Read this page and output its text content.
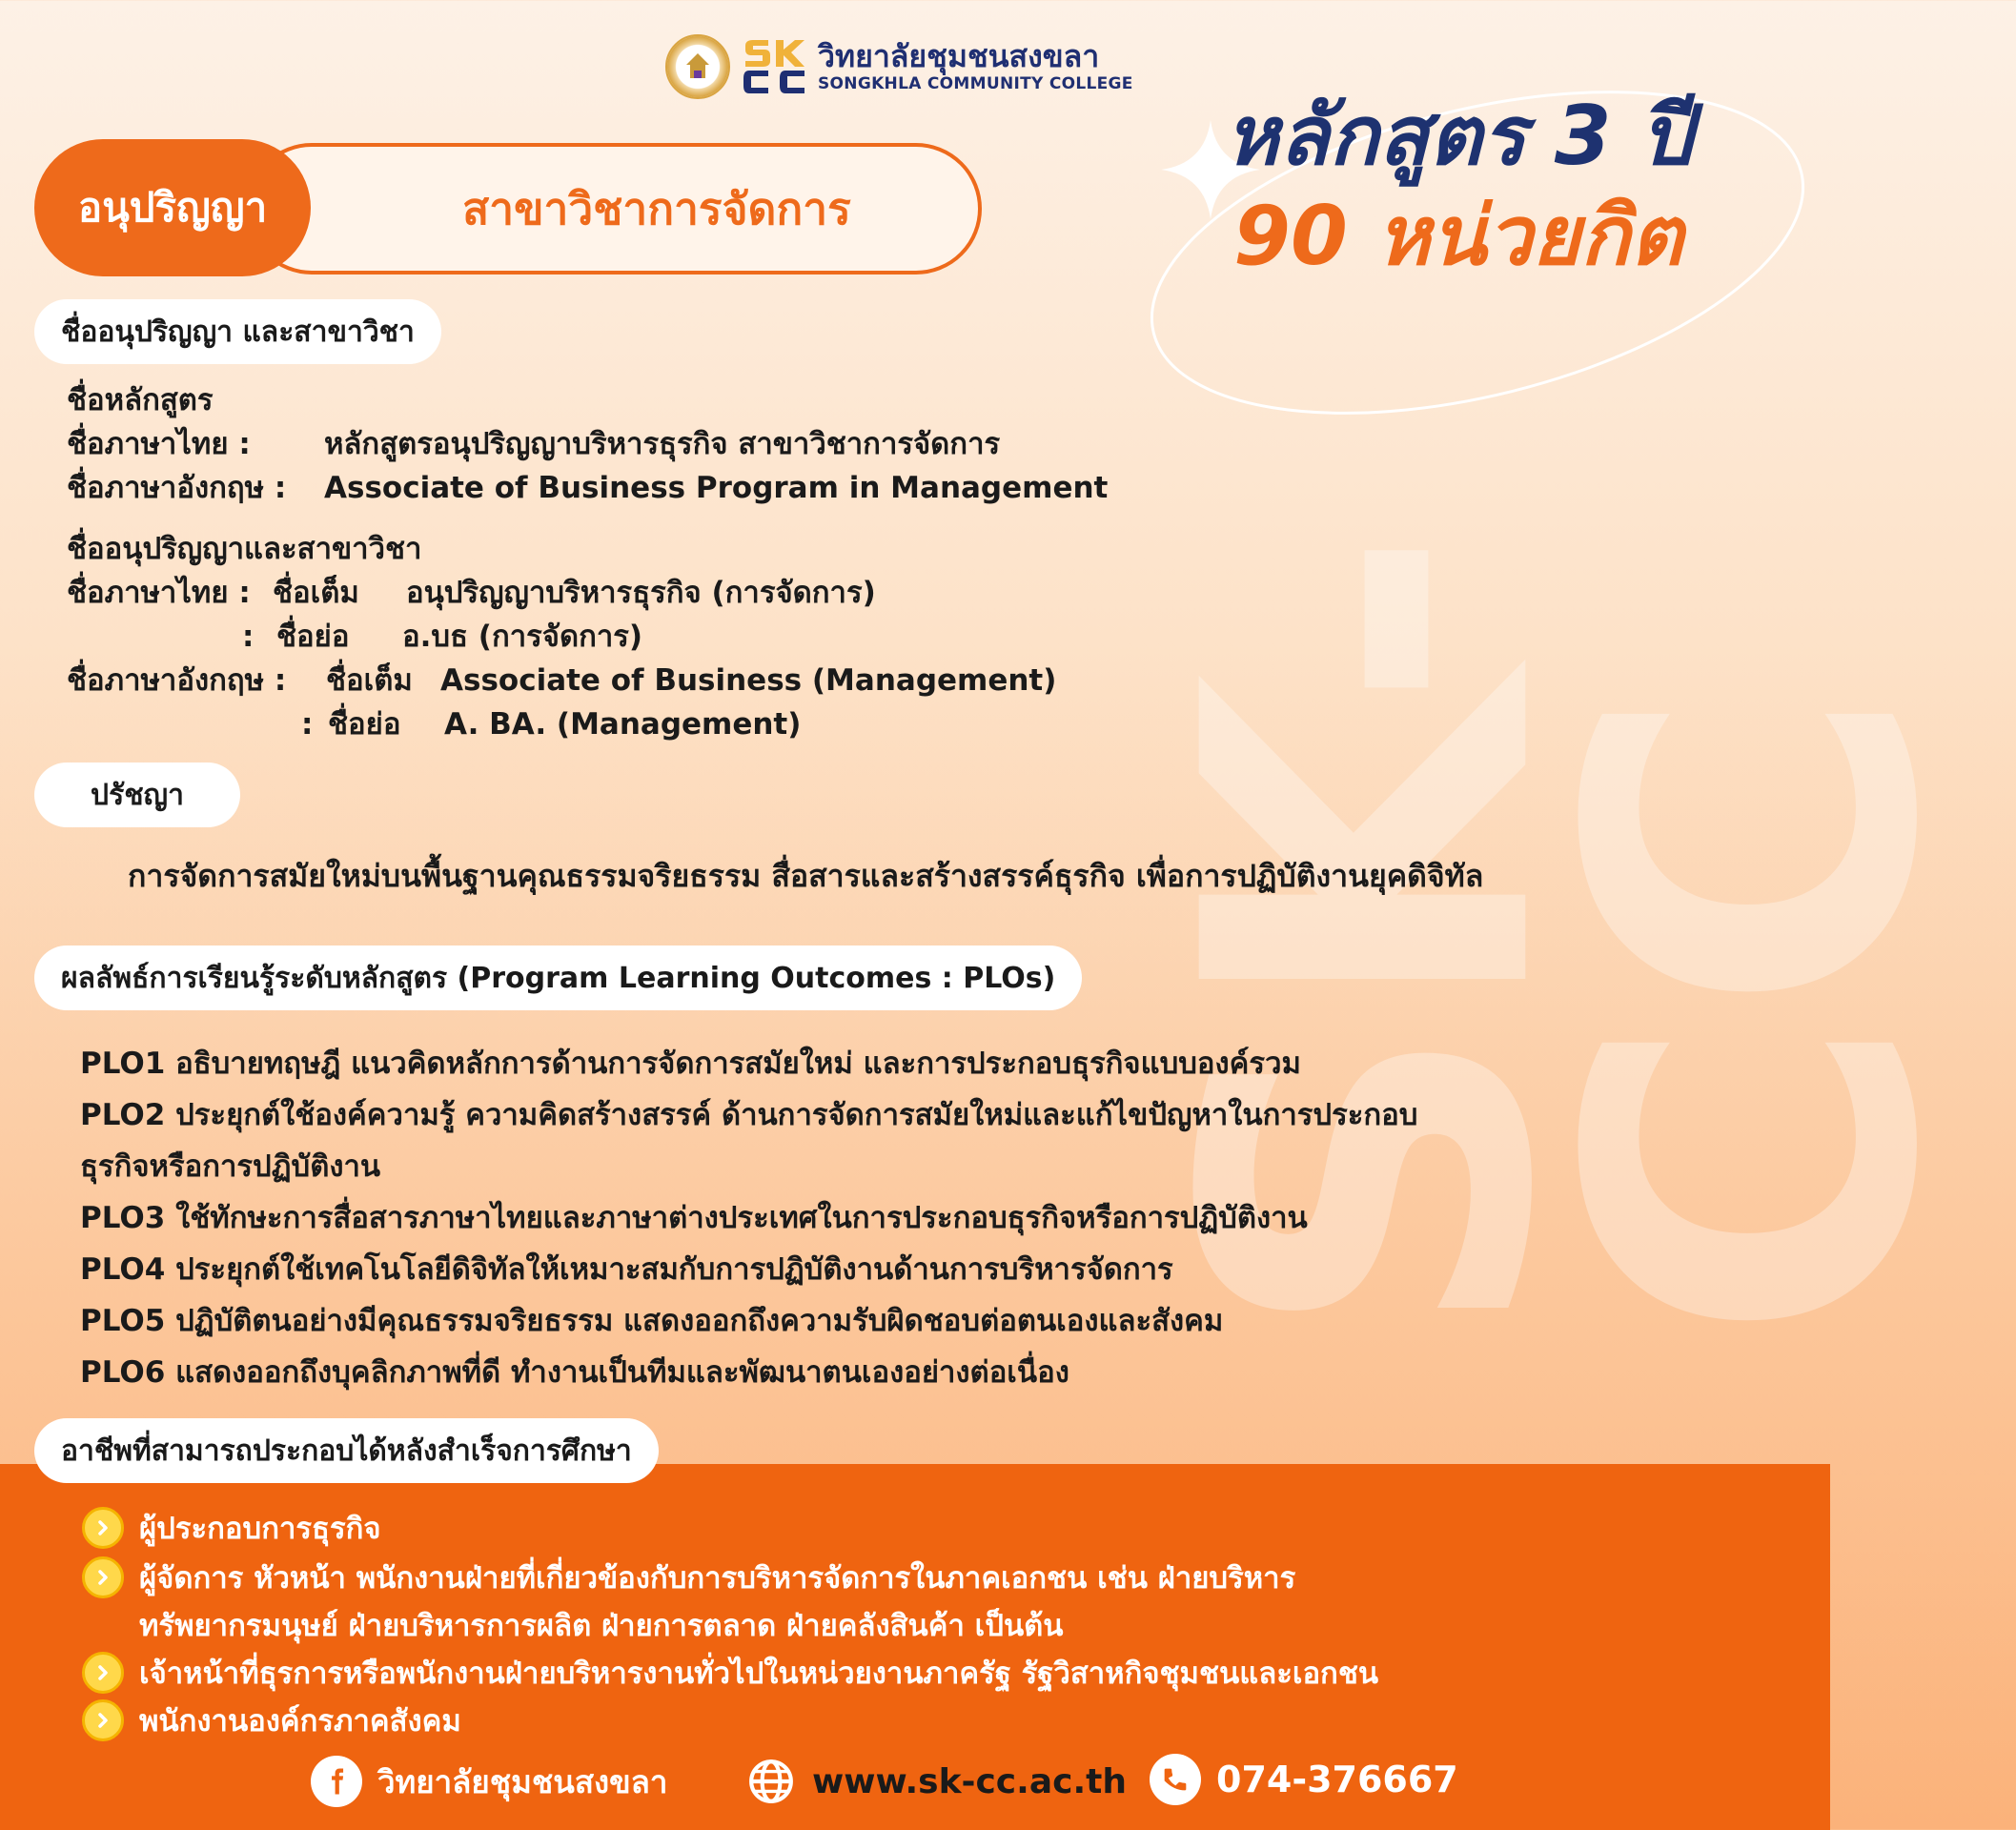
SK-CC
วิทยาลัยชุมชนสงขลา
SONGKHLA COMMUNITY COLLEGE
หลักสูตร 3 ปี
90 หน่วยกิต
สาขาวิชาการจัดการ
อนุปริญญา
ชื่ออนุปริญญา และสาขาวิชา
ชื่อหลักสูตร
ชื่อภาษาไทย : หลักสูตรอนุปริญญาบริหารธุรกิจ สาขาวิชาการจัดการ
ชื่อภาษาอังกฤษ : Associate of Business Program in Management
ชื่ออนุปริญญาและสาขาวิชา
ชื่อภาษาไทย : ชื่อเต็ม อนุปริญญาบริหารธุรกิจ (การจัดการ)
: ชื่อย่อ อ.บธ (การจัดการ)
ชื่อภาษาอังกฤษ : ชื่อเต็ม Associate of Business (Management)
: ชื่อย่อ A. BA. (Management)
ปรัชญา
การจัดการสมัยใหม่บนพื้นฐานคุณธรรมจริยธรรม สื่อสารและสร้างสรรค์ธุรกิจ เพื่อการปฏิบัติงานยุคดิจิทัล
ผลลัพธ์การเรียนรู้ระดับหลักสูตร (Program Learning Outcomes : PLOs)
PLO1 อธิบายทฤษฎี แนวคิดหลักการด้านการจัดการสมัยใหม่ และการประกอบธุรกิจแบบองค์รวม
PLO2 ประยุกต์ใช้องค์ความรู้ ความคิดสร้างสรรค์ ด้านการจัดการสมัยใหม่และแก้ไขปัญหาในการประกอบ
ธุรกิจหรือการปฏิบัติงาน
PLO3 ใช้ทักษะการสื่อสารภาษาไทยและภาษาต่างประเทศในการประกอบธุรกิจหรือการปฏิบัติงาน
PLO4 ประยุกต์ใช้เทคโนโลยีดิจิทัลให้เหมาะสมกับการปฏิบัติงานด้านการบริหารจัดการ
PLO5 ปฏิบัติตนอย่างมีคุณธรรมจริยธรรม แสดงออกถึงความรับผิดชอบต่อตนเองและสังคม
PLO6 แสดงออกถึงบุคลิกภาพที่ดี ทำงานเป็นทีมและพัฒนาตนเองอย่างต่อเนื่อง
อาชีพที่สามารถประกอบได้หลังสำเร็จการศึกษา
ผู้ประกอบการธุรกิจ
ผู้จัดการ หัวหน้า พนักงานฝ่ายที่เกี่ยวข้องกับการบริหารจัดการในภาคเอกชน เช่น ฝ่ายบริหาร
ทรัพยากรมนุษย์ ฝ่ายบริหารการผลิต ฝ่ายการตลาด ฝ่ายคลังสินค้า เป็นต้น
เจ้าหน้าที่ธุรการหรือพนักงานฝ่ายบริหารงานทั่วไปในหน่วยงานภาครัฐ รัฐวิสาหกิจชุมชนและเอกชน
พนักงานองค์กรภาคสังคม
วิทยาลัยชุมชนสงขลา	www.sk-cc.ac.th 074-376667
